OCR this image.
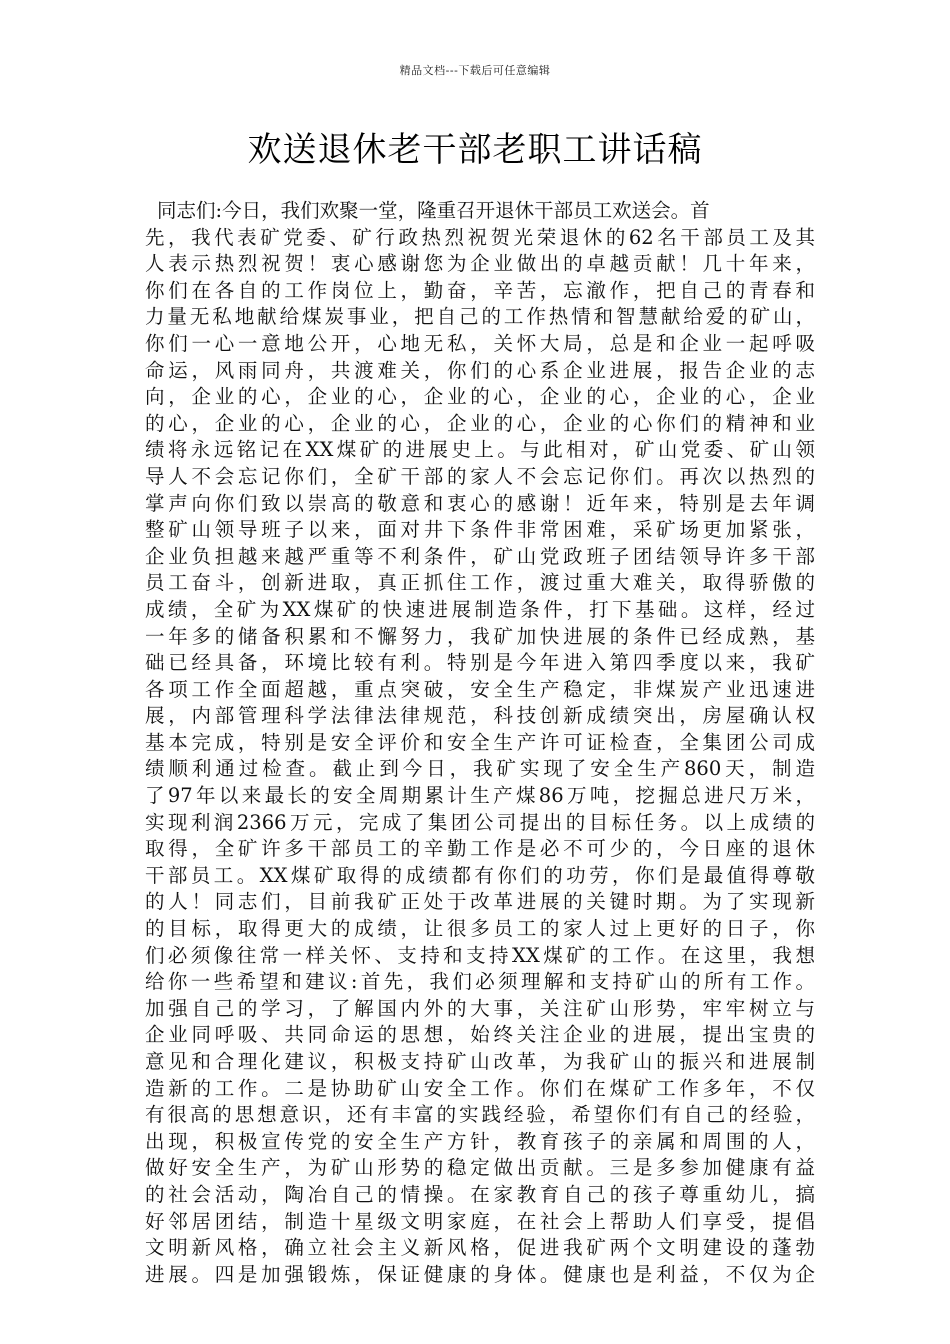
精品文档---下载后可任意编辑
欢送退休老干部老职工讲话稿
同志们:今日，我们欢聚一堂，隆重召开退休干部员工欢送会。首
先，我代表矿党委、矿行政热烈祝贺光荣退休的62名干部员工及其
人表示热烈祝贺！衷心感谢您为企业做出的卓越贡献！几十年来，
你们在各自的工作岗位上，勤奋，辛苦，忘澈作，把自己的青春和
力量无私地献给煤炭事业，把自己的工作热情和智慧献给爱的矿山，
你们一心一意地公开，心地无私，关怀大局，总是和企业一起呼吸
命运，风雨同舟，共渡难关，你们的心系企业进展，报告企业的志
向，企业的心，企业的心，企业的心，企业的心，企业的心，企业
的心，企业的心，企业的心，企业的心，企业的心你们的精神和业
绩将永远铭记在XX煤矿的进展史上。与此相对，矿山党委、矿山领
导人不会忘记你们，全矿干部的家人不会忘记你们。再次以热烈的
掌声向你们致以崇高的敬意和衷心的感谢！近年来，特别是去年调
整矿山领导班子以来，面对井下条件非常困难，采矿场更加紧张，
企业负担越来越严重等不利条件，矿山党政班子团结领导许多干部
员工奋斗，创新进取，真正抓住工作，渡过重大难关，取得骄傲的
成绩，全矿为XX煤矿的快速进展制造条件，打下基础。这样，经过
一年多的储备积累和不懈努力，我矿加快进展的条件已经成熟，基
础已经具备，环境比较有利。特别是今年进入第四季度以来，我矿
各项工作全面超越，重点突破，安全生产稳定，非煤炭产业迅速进
展，内部管理科学法律法律规范，科技创新成绩突出，房屋确认权
基本完成，特别是安全评价和安全生产许可证检查，全集团公司成
绩顺利通过检查。截止到今日，我矿实现了安全生产860天，制造
了97年以来最长的安全周期累计生产煤86万吨，挖掘总进尺万米，
实现利润2366万元，完成了集团公司提出的目标任务。以上成绩的
取得，全矿许多干部员工的辛勤工作是必不可少的，今日座的退休
干部员工。XX煤矿取得的成绩都有你们的功劳，你们是最值得尊敬
的人！同志们，目前我矿正处于改革进展的关键时期。为了实现新
的目标，取得更大的成绩，让很多员工的家人过上更好的日子，你
们必须像往常一样关怀、支持和支持XX煤矿的工作。在这里，我想
给你一些希望和建议:首先，我们必须理解和支持矿山的所有工作。
加强自己的学习，了解国内外的大事，关注矿山形势，牢牢树立与
企业同呼吸、共同命运的思想，始终关注企业的进展，提出宝贵的
意见和合理化建议，积极支持矿山改革，为我矿山的振兴和进展制
造新的工作。二是协助矿山安全工作。你们在煤矿工作多年，不仅
有很高的思想意识，还有丰富的实践经验，希望你们有自己的经验，
出现，积极宣传党的安全生产方针，教育孩子的亲属和周围的人，
做好安全生产，为矿山形势的稳定做出贡献。三是多参加健康有益
的社会活动，陶冶自己的情操。在家教育自己的孩子尊重幼儿，搞
好邻居团结，制造十星级文明家庭，在社会上帮助人们享受，提倡
文明新风格，确立社会主义新风格，促进我矿两个文明建设的蓬勃
进展。四是加强锻炼，保证健康的身体。健康也是利益，不仅为企
